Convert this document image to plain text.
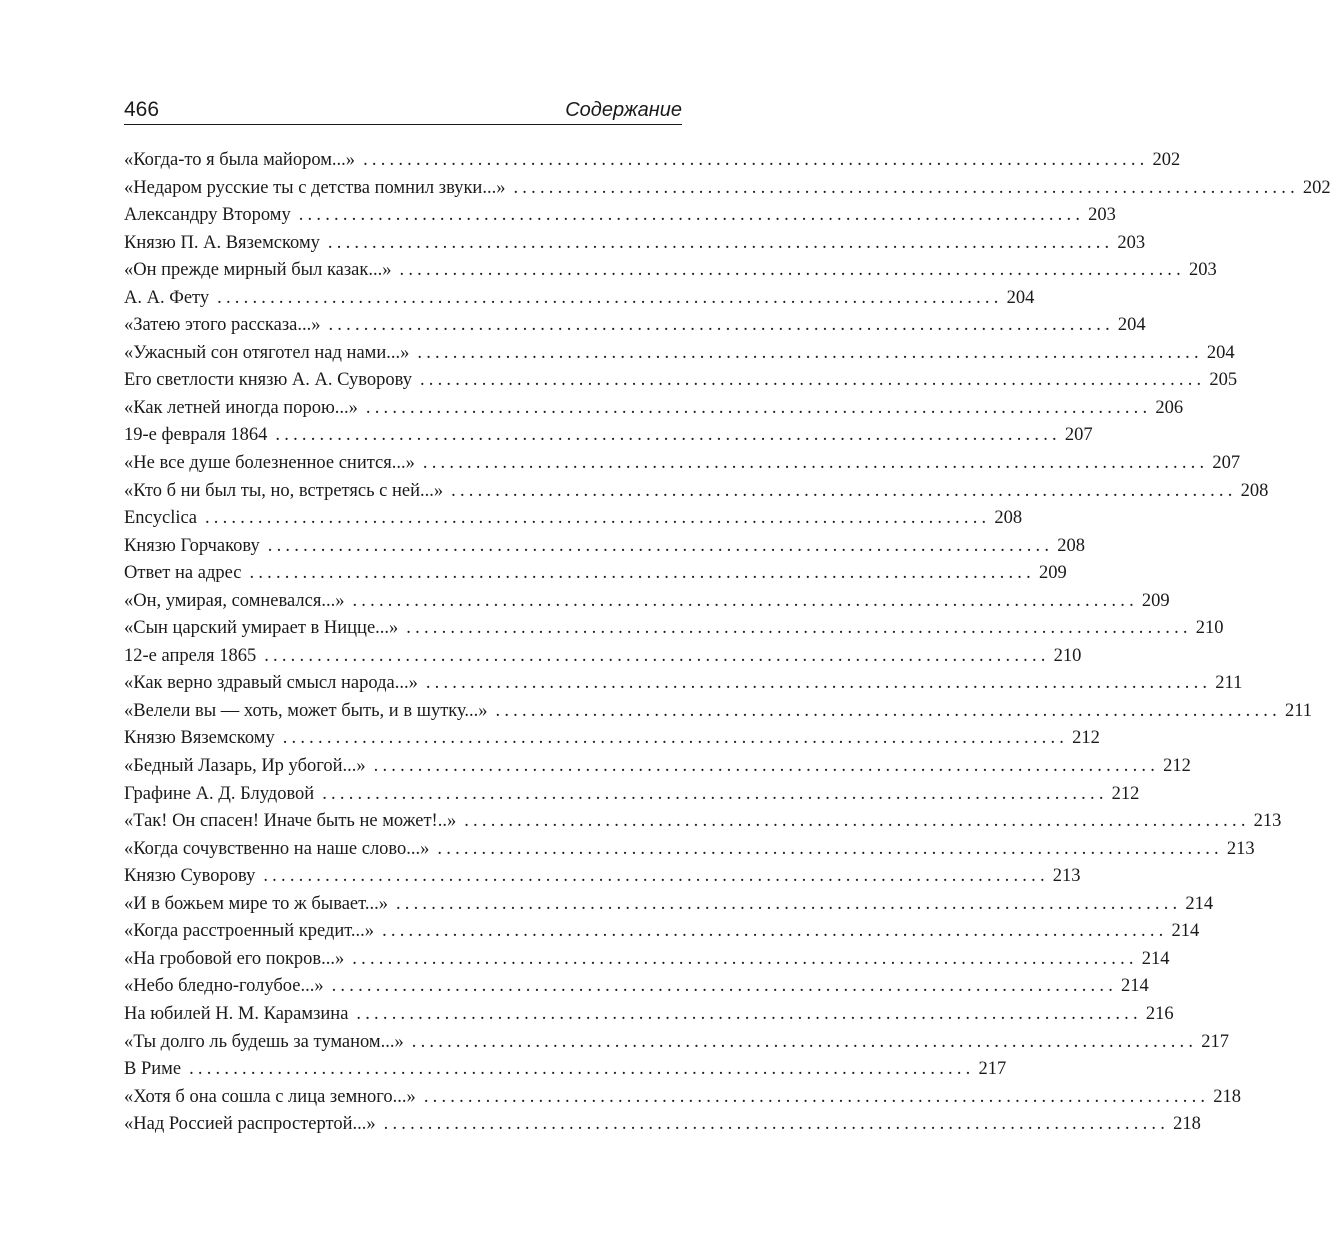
466	Содержание
«Когда-то я была майором...» ......................................................................................... 202
«Недаром русские ты с детства помнил звуки...» ......................................................................................... 202
Александру Второму ......................................................................................... 203
Князю П. А. Вяземскому ......................................................................................... 203
«Он прежде мирный был казак...» ......................................................................................... 203
А. А. Фету ......................................................................................... 204
«Затею этого рассказа...» ......................................................................................... 204
«Ужасный сон отяготел над нами...» ......................................................................................... 204
Его светлости князю А. А. Суворову ......................................................................................... 205
«Как летней иногда порою...» ......................................................................................... 206
19-е февраля 1864 ......................................................................................... 207
«Не все душе болезненное снится...» ......................................................................................... 207
«Кто б ни был ты, но, встретясь с ней...» ......................................................................................... 208
Encyclica ......................................................................................... 208
Князю Горчакову ......................................................................................... 208
Ответ на адрес ......................................................................................... 209
«Он, умирая, сомневался...» ......................................................................................... 209
«Сын царский умирает в Ницце...» ......................................................................................... 210
12-е апреля 1865 ......................................................................................... 210
«Как верно здравый смысл народа...» ......................................................................................... 211
«Велели вы — хоть, может быть, и в шутку...» ......................................................................................... 211
Князю Вяземскому ......................................................................................... 212
«Бедный Лазарь, Ир убогой...» ......................................................................................... 212
Графине А. Д. Блудовой ......................................................................................... 212
«Так! Он спасен! Иначе быть не может!..» ......................................................................................... 213
«Когда сочувственно на наше слово...» ......................................................................................... 213
Князю Суворову ......................................................................................... 213
«И в божьем мире то ж бывает...» ......................................................................................... 214
«Когда расстроенный кредит...» ......................................................................................... 214
«На гробовой его покров...» ......................................................................................... 214
«Небо бледно-голубое...» ......................................................................................... 214
На юбилей Н. М. Карамзина ......................................................................................... 216
«Ты долго ль будешь за туманом...» ......................................................................................... 217
В Риме ......................................................................................... 217
«Хотя б она сошла с лица земного...» ......................................................................................... 218
«Над Россией распростертой...» ......................................................................................... 218
